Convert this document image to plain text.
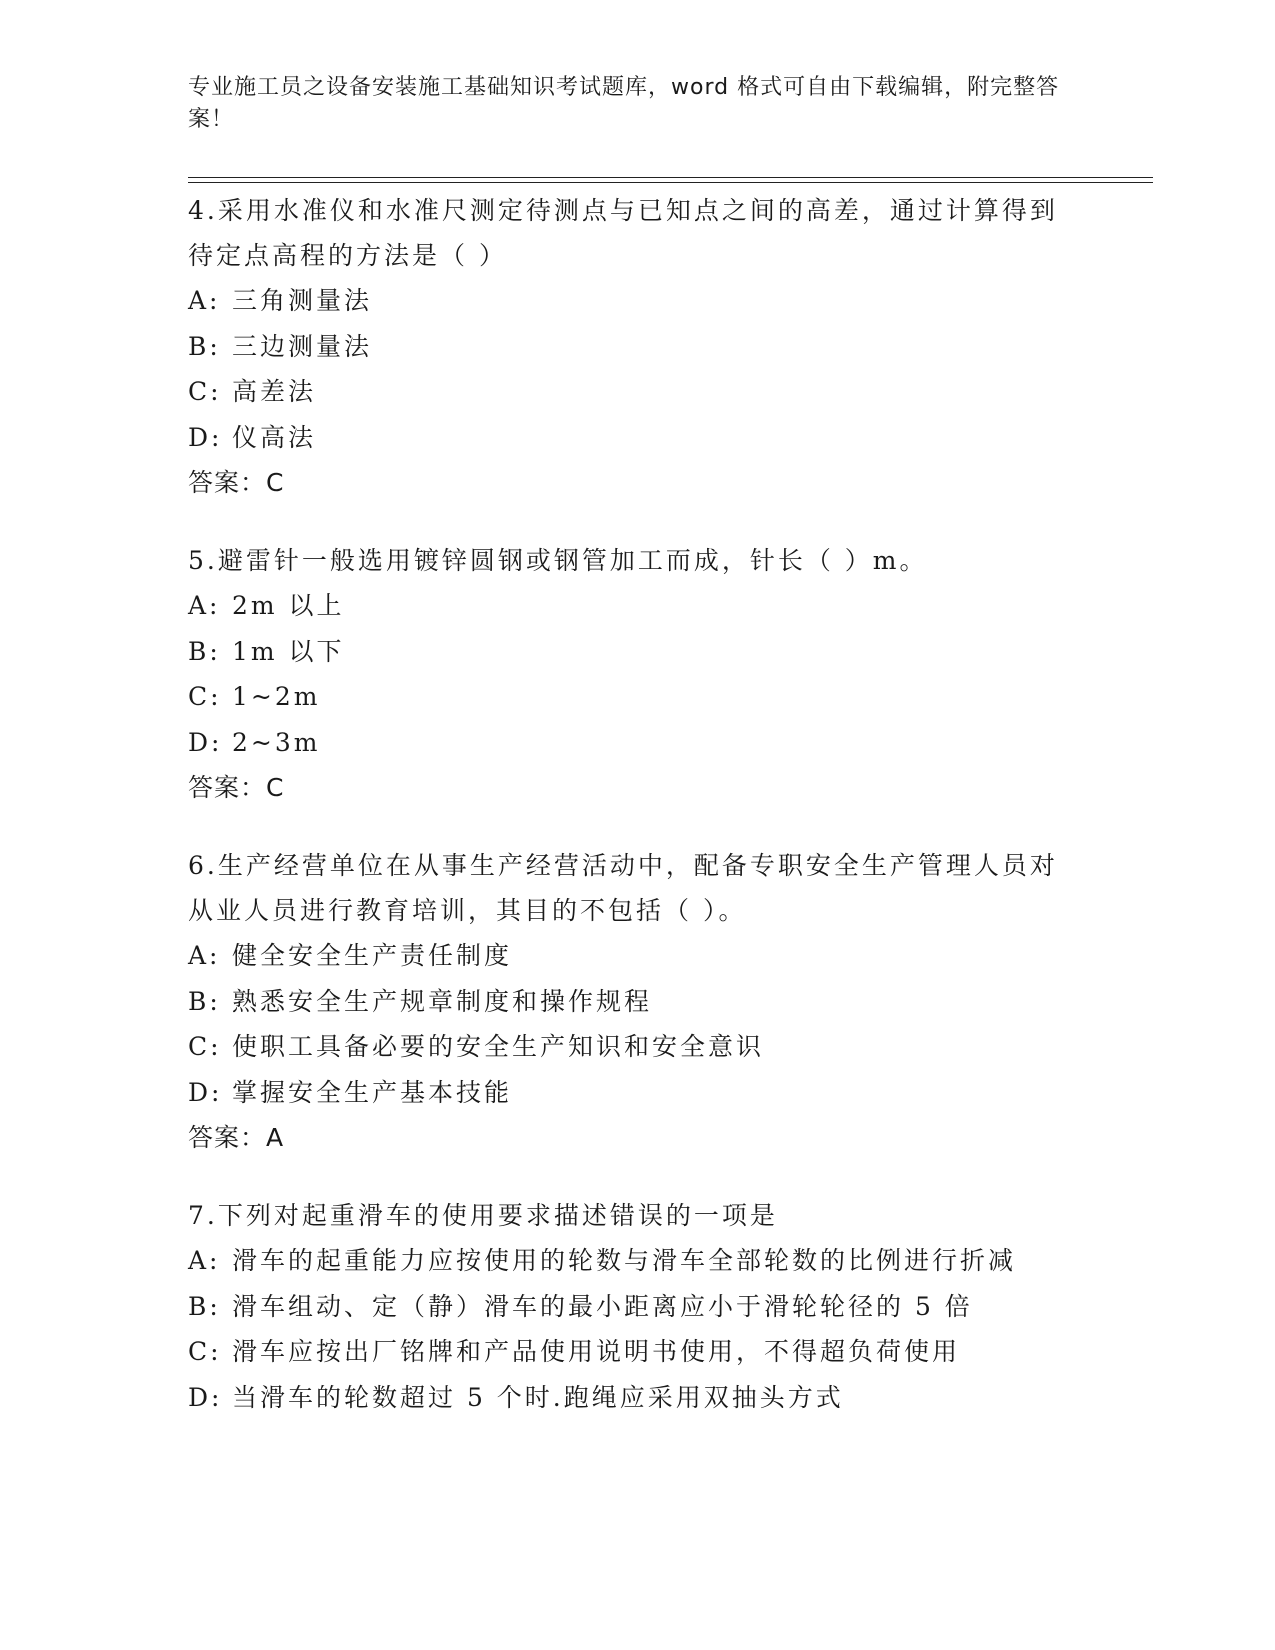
专业施工员之设备安装施工基础知识考试题库，word 格式可自由下载编辑，附完整答案！

4.采用水准仪和水准尺测定待测点与已知点之间的高差，通过计算得到待定点高程的方法是（ ）

A: 三角测量法

B: 三边测量法

C: 高差法

D: 仪高法

答案：C

5.避雷针一般选用镀锌圆钢或钢管加工而成，针长（ ）m。

A: 2m 以上

B: 1m 以下

C: 1~2m

D: 2~3m

答案：C

6.生产经营单位在从事生产经营活动中，配备专职安全生产管理人员对从业人员进行教育培训，其目的不包括（ ）。

A: 健全安全生产责任制度

B: 熟悉安全生产规章制度和操作规程

C: 使职工具备必要的安全生产知识和安全意识

D: 掌握安全生产基本技能

答案：A

7.下列对起重滑车的使用要求描述错误的一项是

A: 滑车的起重能力应按使用的轮数与滑车全部轮数的比例进行折减

B: 滑车组动、定（静）滑车的最小距离应小于滑轮轮径的 5 倍

C: 滑车应按出厂铭牌和产品使用说明书使用，不得超负荷使用

D: 当滑车的轮数超过 5 个时.跑绳应采用双抽头方式
